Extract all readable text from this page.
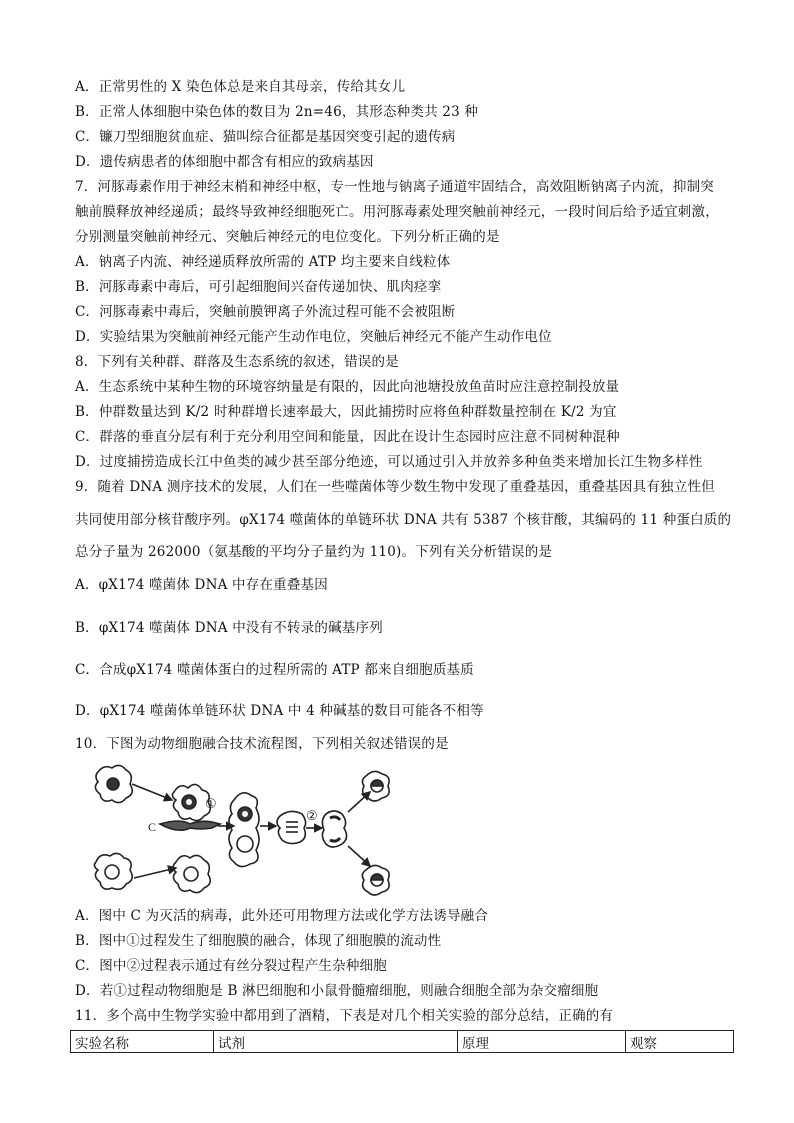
A．正常男性的 X 染色体总是来自其母亲，传给其女儿
B．正常人体细胞中染色体的数目为 2n=46，其形态种类共 23 种
C．镰刀型细胞贫血症、猫叫综合征都是基因突变引起的遗传病
D．遗传病患者的体细胞中都含有相应的致病基因
7．河豚毒素作用于神经末梢和神经中枢，专一性地与钠离子通道牢固结合，高效阻断钠离子内流，抑制突
触前膜释放神经递质；最终导致神经细胞死亡。用河豚毒素处理突触前神经元，一段时间后给予适宜刺激，
分别测量突触前神经元、突触后神经元的电位变化。下列分析正确的是
A．钠离子内流、神经递质释放所需的 ATP 均主要来自线粒体
B．河豚毒素中毒后，可引起细胞间兴奋传递加快、肌肉痉挛
C．河豚毒素中毒后，突触前膜钾离子外流过程可能不会被阻断
D．实验结果为突触前神经元能产生动作电位，突触后神经元不能产生动作电位
8．下列有关种群、群落及生态系统的叙述，错误的是
A．生态系统中某种生物的环境容纳量是有限的，因此向池塘投放鱼苗时应注意控制投放量
B．仲群数量达到 K/2 时种群增长速率最大，因此捕捞时应将鱼种群数量控制在 K/2 为宜
C．群落的垂直分层有利于充分利用空间和能量，因此在设计生态园时应注意不同树种混种
D．过度捕捞造成长江中鱼类的减少甚至部分绝迹，可以通过引入并放养多种鱼类来增加长江生物多样性
9．随着 DNA 测序技术的发展，人们在一些噬菌体等少数生物中发现了重叠基因，重叠基因具有独立性但
共同使用部分核苷酸序列。φX174 噬菌体的单链环状 DNA 共有 5387 个核苷酸，其编码的 11 种蛋白质的
总分子量为 262000（氨基酸的平均分子量约为 110)。下列有关分析错误的是
A．φX174 噬菌体 DNA 中存在重叠基因
B．φX174 噬菌体 DNA 中没有不转录的碱基序列
C．合成φX174 噬菌体蛋白的过程所需的 ATP 都来自细胞质基质
D．φX174 噬菌体单链环状 DNA 中 4 种碱基的数目可能各不相等
10．下图为动物细胞融合技术流程图，下列相关叙述错误的是
C
①
②
A．图中 C 为灭活的病毒，此外还可用物理方法或化学方法诱导融合
B．图中①过程发生了细胞膜的融合，体现了细胞膜的流动性
C．图中②过程表示通过有丝分裂过程产生杂种细胞
D．若①过程动物细胞是 B 淋巴细胞和小鼠骨髓瘤细胞，则融合细胞全部为杂交瘤细胞
11．多个高中生物学实验中都用到了酒精，下表是对几个相关实验的部分总结，正确的有
实验名称	试剂	原理	观察
